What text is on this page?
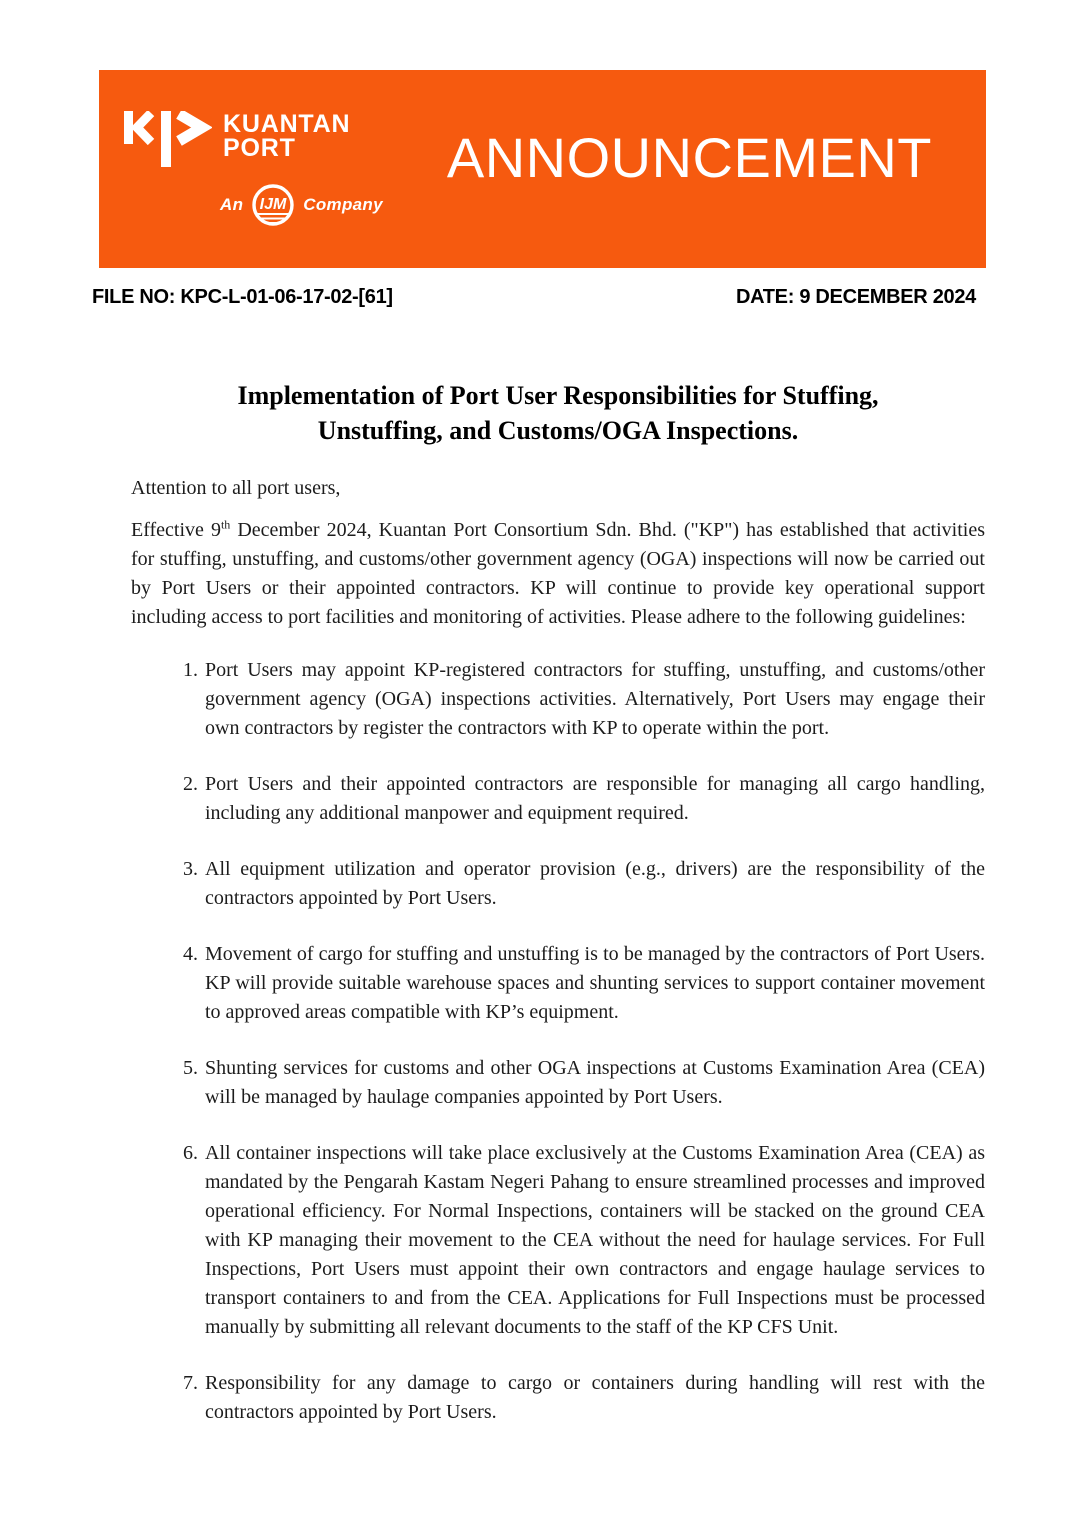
KUANTAN
PORT
An IJM Company
ANNOUNCEMENT
FILE NO: KPC-L-01-06-17-02-[61]	DATE: 9 DECEMBER 2024
Implementation of Port User Responsibilities for Stuffing,
Unstuffing, and Customs/OGA Inspections.

Attention to all port users,

Effective 9th December 2024, Kuantan Port Consortium Sdn. Bhd. ("KP") has established that activities for stuffing, unstuffing, and customs/other government agency (OGA) inspections will now be carried out by Port Users or their appointed contractors. KP will continue to provide key operational support including access to port facilities and monitoring of activities. Please adhere to the following guidelines:

1. Port Users may appoint KP-registered contractors for stuffing, unstuffing, and customs/other government agency (OGA) inspections activities. Alternatively, Port Users may engage their own contractors by register the contractors with KP to operate within the port.
2. Port Users and their appointed contractors are responsible for managing all cargo handling, including any additional manpower and equipment required.
3. All equipment utilization and operator provision (e.g., drivers) are the responsibility of the contractors appointed by Port Users.
4. Movement of cargo for stuffing and unstuffing is to be managed by the contractors of Port Users. KP will provide suitable warehouse spaces and shunting services to support container movement to approved areas compatible with KP’s equipment.
5. Shunting services for customs and other OGA inspections at Customs Examination Area (CEA) will be managed by haulage companies appointed by Port Users.
6. All container inspections will take place exclusively at the Customs Examination Area (CEA) as mandated by the Pengarah Kastam Negeri Pahang to ensure streamlined processes and improved operational efficiency. For Normal Inspections, containers will be stacked on the ground CEA with KP managing their movement to the CEA without the need for haulage services. For Full Inspections, Port Users must appoint their own contractors and engage haulage services to transport containers to and from the CEA. Applications for Full Inspections must be processed manually by submitting all relevant documents to the staff of the KP CFS Unit.
7. Responsibility for any damage to cargo or containers during handling will rest with the contractors appointed by Port Users.
